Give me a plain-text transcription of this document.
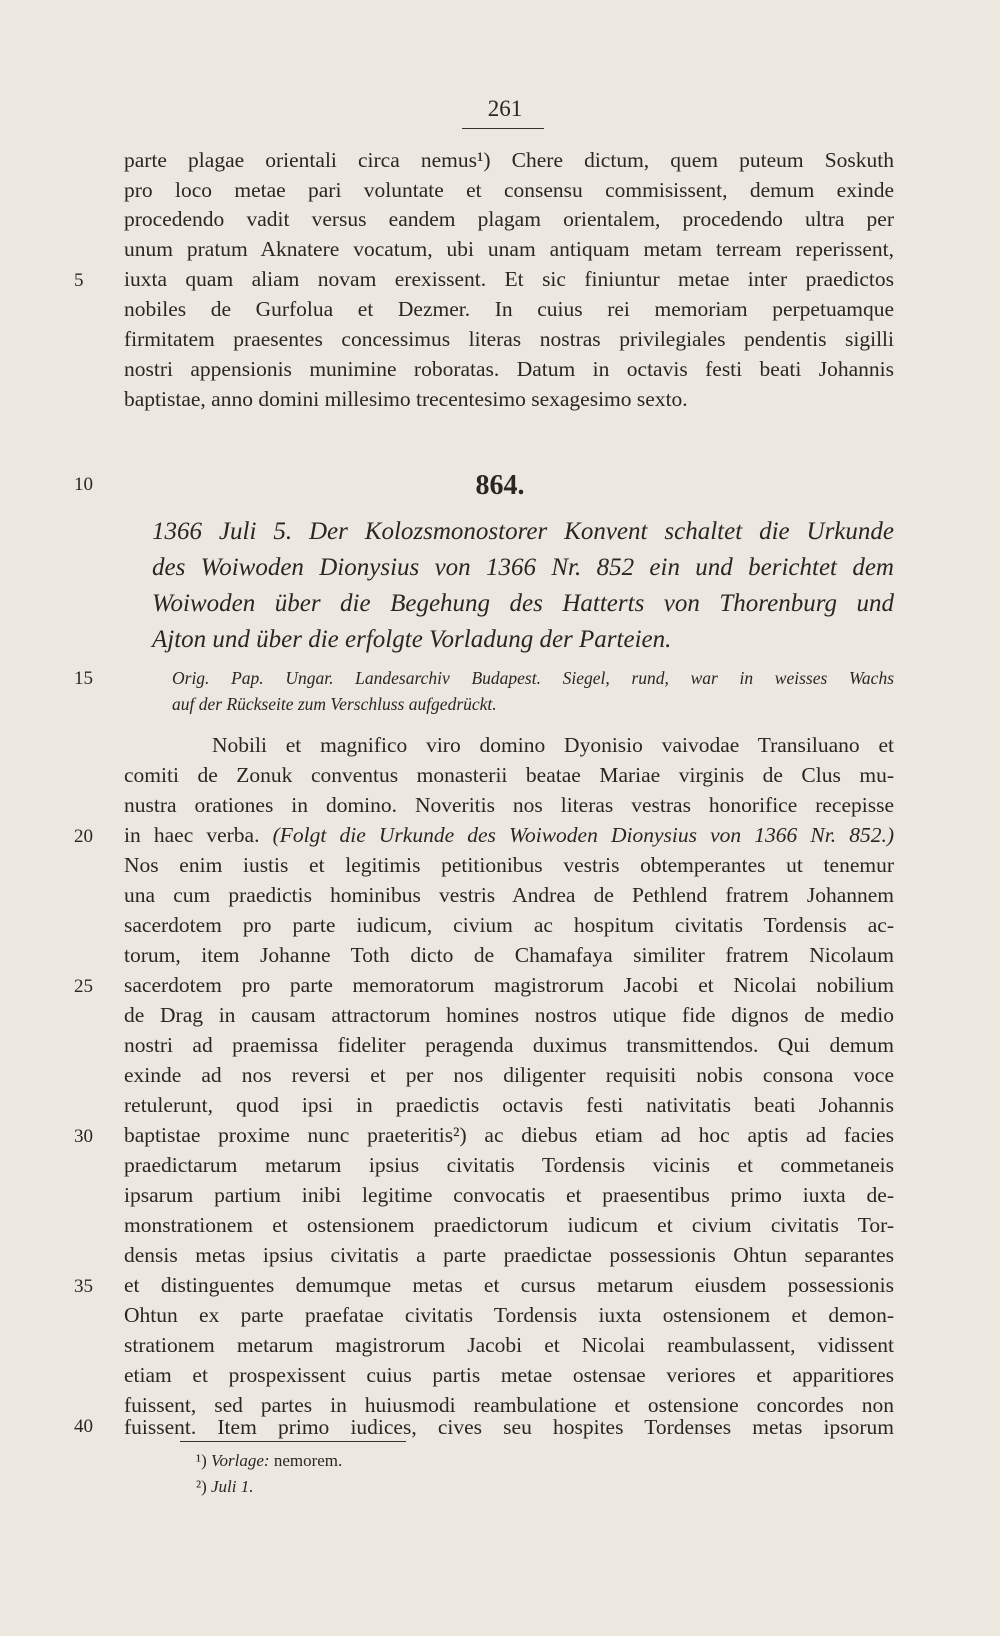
261
parte plagae orientali circa nemus¹) Chere dictum, quem puteum Soskuth
pro loco metae pari voluntate et consensu commisissent, demum exinde
procedendo vadit versus eandem plagam orientalem, procedendo ultra per
unum pratum Aknatere vocatum, ubi unam antiquam metam terream reperissent,
iuxta quam aliam novam erexissent. Et sic finiuntur metae inter praedictos
nobiles de Gurfolua et Dezmer. In cuius rei memoriam perpetuamque
firmitatem praesentes concessimus literas nostras privilegiales pendentis sigilli
nostri appensionis munimine roboratas. Datum in octavis festi beati Johannis
baptistae, anno domini millesimo trecentesimo sexagesimo sexto.
864.
1366 Juli 5. Der Kolozsmonostorer Konvent schaltet die Urkunde
des Woiwoden Dionysius von 1366 Nr. 852 ein und berichtet dem
Woiwoden über die Begehung des Hatterts von Thorenburg und
Ajton und über die erfolgte Vorladung der Parteien.
Orig. Pap. Ungar. Landesarchiv Budapest. Siegel, rund, war in weisses Wachs
auf der Rückseite zum Verschluss aufgedrückt.
Nobili et magnifico viro domino Dyonisio vaivodae Transiluano et
comiti de Zonuk conventus monasterii beatae Mariae virginis de Clus mu-
nustra orationes in domino. Noveritis nos literas vestras honorifice recepisse
in haec verba. (Folgt die Urkunde des Woiwoden Dionysius von 1366 Nr. 852.)
Nos enim iustis et legitimis petitionibus vestris obtemperantes ut tenemur
una cum praedictis hominibus vestris Andrea de Pethlend fratrem Johannem
sacerdotem pro parte iudicum, civium ac hospitum civitatis Tordensis ac-
torum, item Johanne Toth dicto de Chamafaya similiter fratrem Nicolaum
sacerdotem pro parte memoratorum magistrorum Jacobi et Nicolai nobilium
de Drag in causam attractorum homines nostros utique fide dignos de medio
nostri ad praemissa fideliter peragenda duximus transmittendos. Qui demum
exinde ad nos reversi et per nos diligenter requisiti nobis consona voce
retulerunt, quod ipsi in praedictis octavis festi nativitatis beati Johannis
baptistae proxime nunc praeteritis²) ac diebus etiam ad hoc aptis ad facies
praedictarum metarum ipsius civitatis Tordensis vicinis et commetaneis
ipsarum partium inibi legitime convocatis et praesentibus primo iuxta de-
monstrationem et ostensionem praedictorum iudicum et civium civitatis Tor-
densis metas ipsius civitatis a parte praedictae possessionis Ohtun separantes
et distinguentes demumque metas et cursus metarum eiusdem possessionis
Ohtun ex parte praefatae civitatis Tordensis iuxta ostensionem et demon-
strationem metarum magistrorum Jacobi et Nicolai reambulassent, vidissent
etiam et prospexissent cuius partis metae ostensae veriores et apparitiores
fuissent, sed partes in huiusmodi reambulatione et ostensione concordes non
fuissent. Item primo iudices, cives seu hospites Tordenses metas ipsorum
5
10
15
20
25
30
35
40
¹) Vorlage: nemorem.
²) Juli 1.
